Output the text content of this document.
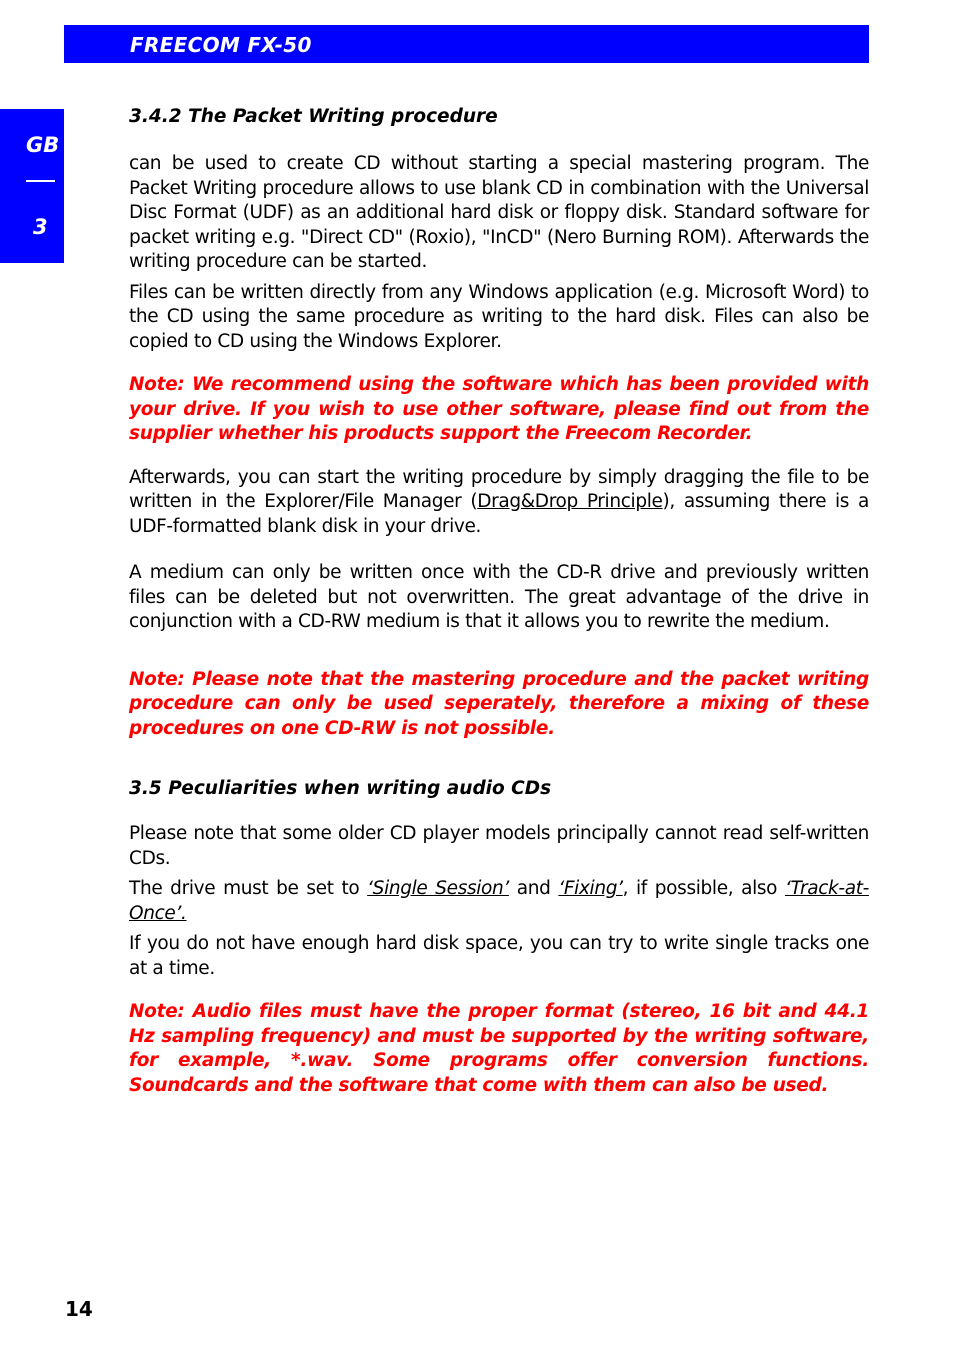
FREECOM FX-50
GB
3
3.4.2 The Packet Writing procedure

can be used to create CD without starting a special mastering program. The Packet Writing procedure allows to use blank CD in combination with the Universal Disc Format (UDF) as an additional hard disk or floppy disk. Standard software for packet writing e.g. "Direct CD" (Roxio), "InCD" (Nero Burning ROM). Afterwards the writing procedure can be started.

Files can be written directly from any Windows application (e.g. Microsoft Word) to the CD using the same procedure as writing to the hard disk. Files can also be copied to CD using the Windows Explorer.

Note: We recommend using the software which has been provided with your drive. If you wish to use other software, please find out from the supplier whether his products support the Freecom Recorder.

Afterwards, you can start the writing procedure by simply dragging the file to be written in the Explorer/File Manager (Drag&Drop Principle), assuming there is a UDF-formatted blank disk in your drive.

A medium can only be written once with the CD-R drive and previously written files can be deleted but not overwritten. The great advantage of the drive in conjunction with a CD-RW medium is that it allows you to rewrite the medium.

Note: Please note that the mastering procedure and the packet writing procedure can only be used seperately, therefore a mixing of these procedures on one CD-RW is not possible.

3.5 Peculiarities when writing audio CDs

Please note that some older CD player models principally cannot read self-written CDs.

The drive must be set to ‘Single Session’ and ‘Fixing’, if possible, also ‘Track-at-Once’.

If you do not have enough hard disk space, you can try to write single tracks one at a time.

Note: Audio files must have the proper format (stereo, 16 bit and 44.1 Hz sampling frequency) and must be supported by the writing software, for example, *.wav. Some programs offer conversion functions. Soundcards and the software that come with them can also be used.

14
